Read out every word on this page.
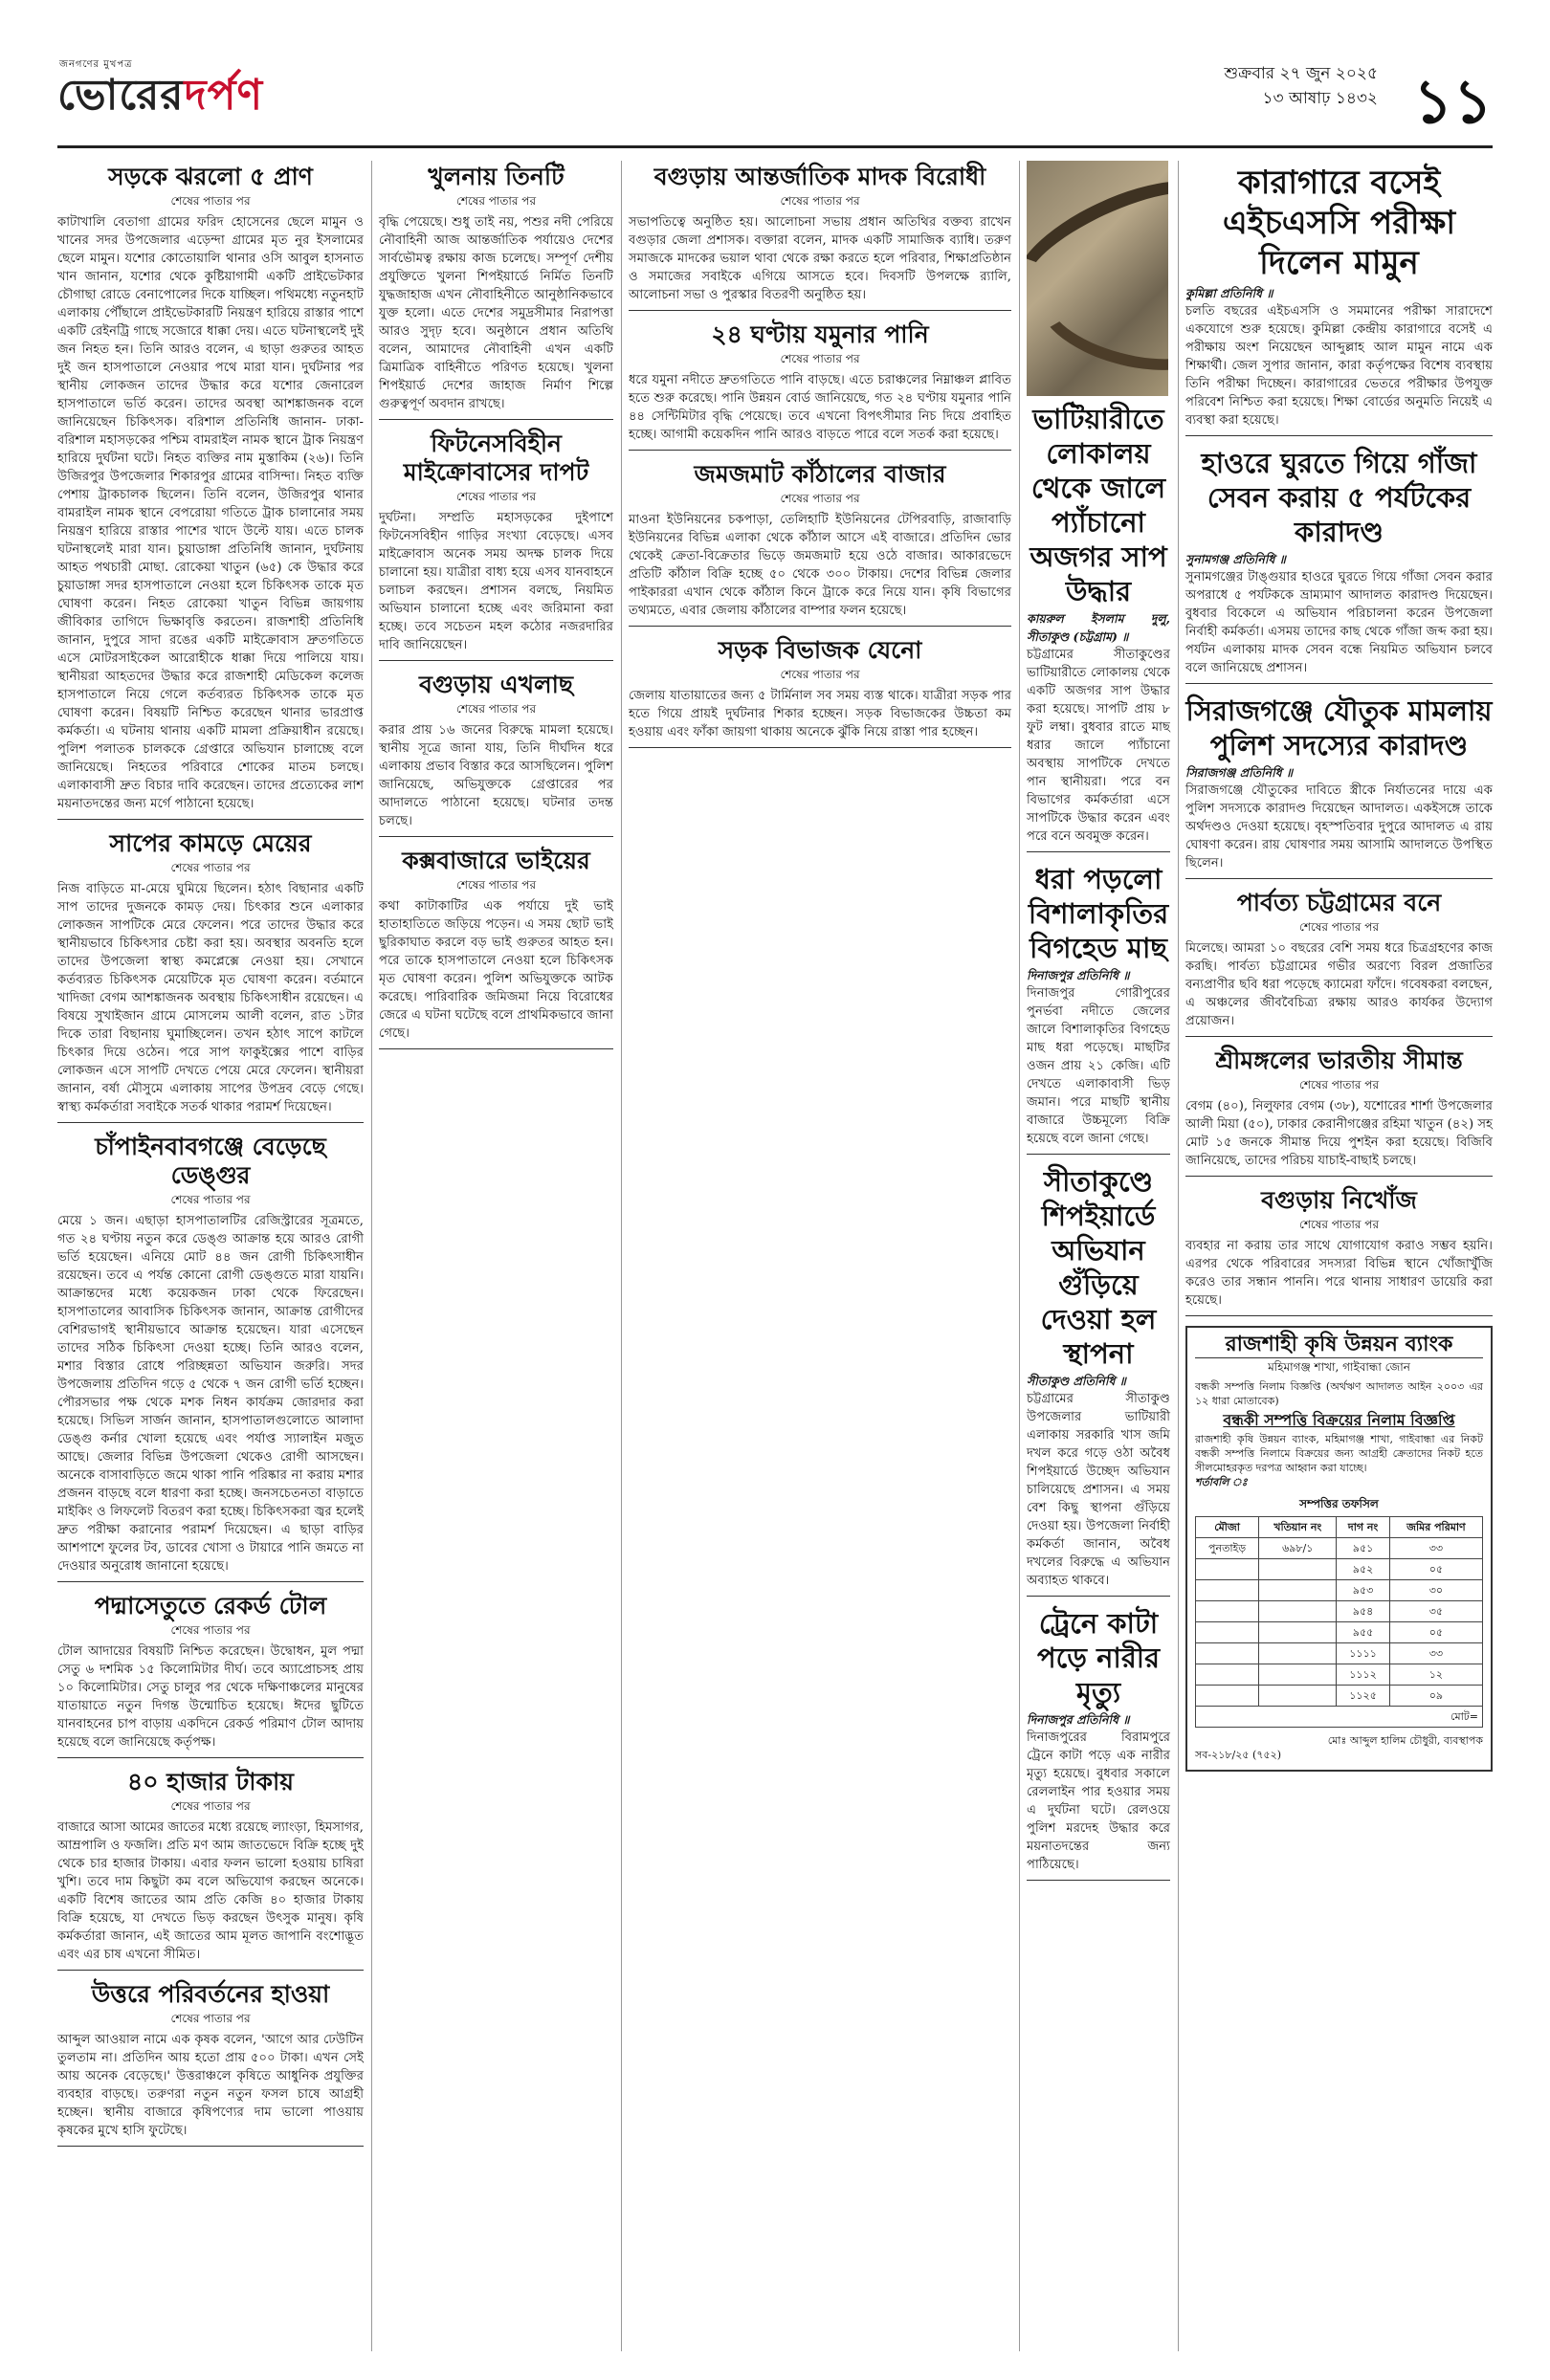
জনগণের মুখপত্র
ভোরেরদর্পণ	শুক্রবার ২৭ জুন ২০২৫
১৩ আষাঢ় ১৪৩২ ১১
সড়কে ঝরলো ৫ প্রাণ
শেষের পাতার পর
কাটাখালি বেতাগা গ্রামের ফরিদ হোসেনের ছেলে মামুন ও খানের সদর উপজেলার এড়েন্দা গ্রামের মৃত নুর ইসলামের ছেলে মামুন। যশোর কোতোয়ালি থানার ওসি আবুল হাসনাত খান জানান, যশোর থেকে কুষ্টিয়াগামী একটি প্রাইভেটকার চৌগাছা রোডে বেনাপোলের দিকে যাচ্ছিল। পথিমধ্যে নতুনহাট এলাকায় পৌঁছালে প্রাইভেটকারটি নিয়ন্ত্রণ হারিয়ে রাস্তার পাশে একটি রেইনট্রি গাছে সজোরে ধাক্কা দেয়। এতে ঘটনাস্থলেই দুই জন নিহত হন। তিনি আরও বলেন, এ ছাড়া গুরুতর আহত দুই জন হাসপাতালে নেওয়ার পথে মারা যান। দুর্ঘটনার পর স্থানীয় লোকজন তাদের উদ্ধার করে যশোর জেনারেল হাসপাতালে ভর্তি করেন। তাদের অবস্থা আশঙ্কাজনক বলে জানিয়েছেন চিকিৎসক। বরিশাল প্রতিনিধি জানান- ঢাকা-বরিশাল মহাসড়কের পশ্চিম বামরাইল নামক স্থানে ট্রাক নিয়ন্ত্রণ হারিয়ে দুর্ঘটনা ঘটে। নিহত ব্যক্তির নাম মুস্তাকিম (২৬)। তিনি উজিরপুর উপজেলার শিকারপুর গ্রামের বাসিন্দা। নিহত ব্যক্তি পেশায় ট্রাকচালক ছিলেন। তিনি বলেন, উজিরপুর থানার বামরাইল নামক স্থানে বেপরোয়া গতিতে ট্রাক চালানোর সময় নিয়ন্ত্রণ হারিয়ে রাস্তার পাশের খাদে উল্টে যায়। এতে চালক ঘটনাস্থলেই মারা যান। চুয়াডাঙ্গা প্রতিনিধি জানান, দুর্ঘটনায় আহত পথচারী মোছা. রোকেয়া খাতুন (৬৫) কে উদ্ধার করে চুয়াডাঙ্গা সদর হাসপাতালে নেওয়া হলে চিকিৎসক তাকে মৃত ঘোষণা করেন। নিহত রোকেয়া খাতুন বিভিন্ন জায়গায় জীবিকার তাগিদে ভিক্ষাবৃত্তি করতেন। রাজশাহী প্রতিনিধি জানান, দুপুরে সাদা রঙের একটি মাইক্রোবাস দ্রুতগতিতে এসে মোটরসাইকেল আরোহীকে ধাক্কা দিয়ে পালিয়ে যায়। স্থানীয়রা আহতদের উদ্ধার করে রাজশাহী মেডিকেল কলেজ হাসপাতালে নিয়ে গেলে কর্তব্যরত চিকিৎসক তাকে মৃত ঘোষণা করেন। বিষয়টি নিশ্চিত করেছেন থানার ভারপ্রাপ্ত কর্মকর্তা। এ ঘটনায় থানায় একটি মামলা প্রক্রিয়াধীন রয়েছে। পুলিশ পলাতক চালককে গ্রেপ্তারে অভিযান চালাচ্ছে বলে জানিয়েছে। নিহতের পরিবারে শোকের মাতম চলছে। এলাকাবাসী দ্রুত বিচার দাবি করেছেন। তাদের প্রত্যেকের লাশ ময়নাতদন্তের জন্য মর্গে পাঠানো হয়েছে।
সাপের কামড়ে মেয়ের
শেষের পাতার পর
নিজ বাড়িতে মা-মেয়ে ঘুমিয়ে ছিলেন। হঠাৎ বিছানার একটি সাপ তাদের দুজনকে কামড় দেয়। চিৎকার শুনে এলাকার লোকজন সাপটিকে মেরে ফেলেন। পরে তাদের উদ্ধার করে স্থানীয়ভাবে চিকিৎসার চেষ্টা করা হয়। অবস্থার অবনতি হলে তাদের উপজেলা স্বাস্থ্য কমপ্লেক্সে নেওয়া হয়। সেখানে কর্তব্যরত চিকিৎসক মেয়েটিকে মৃত ঘোষণা করেন। বর্তমানে খাদিজা বেগম আশঙ্কাজনক অবস্থায় চিকিৎসাধীন রয়েছেন। এ বিষয়ে সুখাইজান গ্রামে মোসলেম আলী বলেন, রাত ১টার দিকে তারা বিছানায় ঘুমাচ্ছিলেন। তখন হঠাৎ সাপে কাটলে চিৎকার দিয়ে ওঠেন। পরে সাপ ফাকুইক্সের পাশে বাড়ির লোকজন এসে সাপটি দেখতে পেয়ে মেরে ফেলেন। স্থানীয়রা জানান, বর্ষা মৌসুমে এলাকায় সাপের উপদ্রব বেড়ে গেছে। স্বাস্থ্য কর্মকর্তারা সবাইকে সতর্ক থাকার পরামর্শ দিয়েছেন।
চাঁপাইনবাবগঞ্জে বেড়েছে ডেঙ্গুর
শেষের পাতার পর
মেয়ে ১ জন। এছাড়া হাসপাতালটির রেজিস্ট্রারের সূত্রমতে, গত ২৪ ঘণ্টায় নতুন করে ডেঙ্গু আক্রান্ত হয়ে আরও রোগী ভর্তি হয়েছেন। এনিয়ে মোট ৪৪ জন রোগী চিকিৎসাধীন রয়েছেন। তবে এ পর্যন্ত কোনো রোগী ডেঙ্গুতে মারা যায়নি। আক্রান্তদের মধ্যে কয়েকজন ঢাকা থেকে ফিরেছেন। হাসপাতালের আবাসিক চিকিৎসক জানান, আক্রান্ত রোগীদের বেশিরভাগই স্থানীয়ভাবে আক্রান্ত হয়েছেন। যারা এসেছেন তাদের সঠিক চিকিৎসা দেওয়া হচ্ছে। তিনি আরও বলেন, মশার বিস্তার রোধে পরিচ্ছন্নতা অভিযান জরুরি। সদর উপজেলায় প্রতিদিন গড়ে ৫ থেকে ৭ জন রোগী ভর্তি হচ্ছেন। পৌরসভার পক্ষ থেকে মশক নিধন কার্যক্রম জোরদার করা হয়েছে। সিভিল সার্জন জানান, হাসপাতালগুলোতে আলাদা ডেঙ্গু কর্নার খোলা হয়েছে এবং পর্যাপ্ত স্যালাইন মজুত আছে। জেলার বিভিন্ন উপজেলা থেকেও রোগী আসছেন। অনেকে বাসাবাড়িতে জমে থাকা পানি পরিষ্কার না করায় মশার প্রজনন বাড়ছে বলে ধারণা করা হচ্ছে। জনসচেতনতা বাড়াতে মাইকিং ও লিফলেট বিতরণ করা হচ্ছে। চিকিৎসকরা জ্বর হলেই দ্রুত পরীক্ষা করানোর পরামর্শ দিয়েছেন। এ ছাড়া বাড়ির আশপাশে ফুলের টব, ডাবের খোসা ও টায়ারে পানি জমতে না দেওয়ার অনুরোধ জানানো হয়েছে।
পদ্মাসেতুতে রেকর্ড টোল
শেষের পাতার পর
টোল আদায়ের বিষয়টি নিশ্চিত করেছেন। উদ্বোধন, মুল পদ্মা সেতু ৬ দশমিক ১৫ কিলোমিটার দীর্ঘ। তবে অ্যাপ্রোচসহ প্রায় ১০ কিলোমিটার। সেতু চালুর পর থেকে দক্ষিণাঞ্চলের মানুষের যাতায়াতে নতুন দিগন্ত উন্মোচিত হয়েছে। ঈদের ছুটিতে যানবাহনের চাপ বাড়ায় একদিনে রেকর্ড পরিমাণ টোল আদায় হয়েছে বলে জানিয়েছে কর্তৃপক্ষ।
৪০ হাজার টাকায়
শেষের পাতার পর
বাজারে আসা আমের জাতের মধ্যে রয়েছে ল্যাংড়া, হিমসাগর, আম্রপালি ও ফজলি। প্রতি মণ আম জাতভেদে বিক্রি হচ্ছে দুই থেকে চার হাজার টাকায়। এবার ফলন ভালো হওয়ায় চাষিরা খুশি। তবে দাম কিছুটা কম বলে অভিযোগ করছেন অনেকে। একটি বিশেষ জাতের আম প্রতি কেজি ৪০ হাজার টাকায় বিক্রি হয়েছে, যা দেখতে ভিড় করছেন উৎসুক মানুষ। কৃষি কর্মকর্তারা জানান, এই জাতের আম মূলত জাপানি বংশোদ্ভূত এবং এর চাষ এখনো সীমিত।
উত্তরে পরিবর্তনের হাওয়া
শেষের পাতার পর
আব্দুল আওয়াল নামে এক কৃষক বলেন, 'আগে আর ঢেউটিন তুলতাম না। প্রতিদিন আয় হতো প্রায় ৫০০ টাকা। এখন সেই আয় অনেক বেড়েছে।' উত্তরাঞ্চলে কৃষিতে আধুনিক প্রযুক্তির ব্যবহার বাড়ছে। তরুণরা নতুন নতুন ফসল চাষে আগ্রহী হচ্ছেন। স্থানীয় বাজারে কৃষিপণ্যের দাম ভালো পাওয়ায় কৃষকের মুখে হাসি ফুটেছে।
খুলনায় তিনটি
শেষের পাতার পর
বৃদ্ধি পেয়েছে। শুধু তাই নয়, পশুর নদী পেরিয়ে নৌবাহিনী আজ আন্তর্জাতিক পর্যায়েও দেশের সার্বভৌমত্ব রক্ষায় কাজ চলেছে। সম্পূর্ণ দেশীয় প্রযুক্তিতে খুলনা শিপইয়ার্ডে নির্মিত তিনটি যুদ্ধজাহাজ এখন নৌবাহিনীতে আনুষ্ঠানিকভাবে যুক্ত হলো। এতে দেশের সমুদ্রসীমার নিরাপত্তা আরও সুদৃঢ় হবে। অনুষ্ঠানে প্রধান অতিথি বলেন, আমাদের নৌবাহিনী এখন একটি ত্রিমাত্রিক বাহিনীতে পরিণত হয়েছে। খুলনা শিপইয়ার্ড দেশের জাহাজ নির্মাণ শিল্পে গুরুত্বপূর্ণ অবদান রাখছে।
ফিটনেসবিহীন মাইক্রোবাসের দাপট
শেষের পাতার পর
দুর্ঘটনা। সম্প্রতি মহাসড়কের দুইপাশে ফিটনেসবিহীন গাড়ির সংখ্যা বেড়েছে। এসব মাইক্রোবাস অনেক সময় অদক্ষ চালক দিয়ে চালানো হয়। যাত্রীরা বাধ্য হয়ে এসব যানবাহনে চলাচল করছেন। প্রশাসন বলছে, নিয়মিত অভিযান চালানো হচ্ছে এবং জরিমানা করা হচ্ছে। তবে সচেতন মহল কঠোর নজরদারির দাবি জানিয়েছেন।
বগুড়ায় এখলাছ
শেষের পাতার পর
করার প্রায় ১৬ জনের বিরুদ্ধে মামলা হয়েছে। স্থানীয় সূত্রে জানা যায়, তিনি দীর্ঘদিন ধরে এলাকায় প্রভাব বিস্তার করে আসছিলেন। পুলিশ জানিয়েছে, অভিযুক্তকে গ্রেপ্তারের পর আদালতে পাঠানো হয়েছে। ঘটনার তদন্ত চলছে।
কক্সবাজারে ভাইয়ের
শেষের পাতার পর
কথা কাটাকাটির এক পর্যায়ে দুই ভাই হাতাহাতিতে জড়িয়ে পড়েন। এ সময় ছোট ভাই ছুরিকাঘাত করলে বড় ভাই গুরুতর আহত হন। পরে তাকে হাসপাতালে নেওয়া হলে চিকিৎসক মৃত ঘোষণা করেন। পুলিশ অভিযুক্তকে আটক করেছে। পারিবারিক জমিজমা নিয়ে বিরোধের জেরে এ ঘটনা ঘটেছে বলে প্রাথমিকভাবে জানা গেছে।
বগুড়ায় আন্তর্জাতিক মাদক বিরোধী
শেষের পাতার পর
সভাপতিত্বে অনুষ্ঠিত হয়। আলোচনা সভায় প্রধান অতিথির বক্তব্য রাখেন বগুড়ার জেলা প্রশাসক। বক্তারা বলেন, মাদক একটি সামাজিক ব্যাধি। তরুণ সমাজকে মাদকের ভয়াল থাবা থেকে রক্ষা করতে হলে পরিবার, শিক্ষাপ্রতিষ্ঠান ও সমাজের সবাইকে এগিয়ে আসতে হবে। দিবসটি উপলক্ষে র‍্যালি, আলোচনা সভা ও পুরস্কার বিতরণী অনুষ্ঠিত হয়।
২৪ ঘণ্টায় যমুনার পানি
শেষের পাতার পর
ধরে যমুনা নদীতে দ্রুতগতিতে পানি বাড়ছে। এতে চরাঞ্চলের নিম্নাঞ্চল প্লাবিত হতে শুরু করেছে। পানি উন্নয়ন বোর্ড জানিয়েছে, গত ২৪ ঘণ্টায় যমুনার পানি ৪৪ সেন্টিমিটার বৃদ্ধি পেয়েছে। তবে এখনো বিপৎসীমার নিচ দিয়ে প্রবাহিত হচ্ছে। আগামী কয়েকদিন পানি আরও বাড়তে পারে বলে সতর্ক করা হয়েছে।
জমজমাট কাঁঠালের বাজার
শেষের পাতার পর
মাওনা ইউনিয়নের চকপাড়া, তেলিহাটি ইউনিয়নের টেপিরবাড়ি, রাজাবাড়ি ইউনিয়নের বিভিন্ন এলাকা থেকে কাঁঠাল আসে এই বাজারে। প্রতিদিন ভোর থেকেই ক্রেতা-বিক্রেতার ভিড়ে জমজমাট হয়ে ওঠে বাজার। আকারভেদে প্রতিটি কাঁঠাল বিক্রি হচ্ছে ৫০ থেকে ৩০০ টাকায়। দেশের বিভিন্ন জেলার পাইকাররা এখান থেকে কাঁঠাল কিনে ট্রাকে করে নিয়ে যান। কৃষি বিভাগের তথ্যমতে, এবার জেলায় কাঁঠালের বাম্পার ফলন হয়েছে।
সড়ক বিভাজক যেনো
শেষের পাতার পর
জেলায় যাতায়াতের জন্য ৫ টার্মিনাল সব সময় ব্যস্ত থাকে। যাত্রীরা সড়ক পার হতে গিয়ে প্রায়ই দুর্ঘটনার শিকার হচ্ছেন। সড়ক বিভাজকের উচ্চতা কম হওয়ায় এবং ফাঁকা জায়গা থাকায় অনেকে ঝুঁকি নিয়ে রাস্তা পার হচ্ছেন।
ভাটিয়ারীতে লোকালয় থেকে জালে প্যাঁচানো অজগর সাপ উদ্ধার
কায়রুল ইসলাম দুলু, সীতাকুণ্ড (চট্টগ্রাম) ॥
চট্টগ্রামের সীতাকুণ্ডের ভাটিয়ারীতে লোকালয় থেকে একটি অজগর সাপ উদ্ধার করা হয়েছে। সাপটি প্রায় ৮ ফুট লম্বা। বুধবার রাতে মাছ ধরার জালে প্যাঁচানো অবস্থায় সাপটিকে দেখতে পান স্থানীয়রা। পরে বন বিভাগের কর্মকর্তারা এসে সাপটিকে উদ্ধার করেন এবং পরে বনে অবমুক্ত করেন।
ধরা পড়লো বিশালাকৃতির বিগহেড মাছ
দিনাজপুর প্রতিনিধি ॥
দিনাজপুর গোরীপুরের পুনর্ভবা নদীতে জেলের জালে বিশালাকৃতির বিগহেড মাছ ধরা পড়েছে। মাছটির ওজন প্রায় ২১ কেজি। এটি দেখতে এলাকাবাসী ভিড় জমান। পরে মাছটি স্থানীয় বাজারে উচ্চমূল্যে বিক্রি হয়েছে বলে জানা গেছে।
সীতাকুণ্ডে শিপইয়ার্ডে অভিযান গুঁড়িয়ে দেওয়া হল স্থাপনা
সীতাকুণ্ড প্রতিনিধি ॥
চট্টগ্রামের সীতাকুণ্ড উপজেলার ভাটিয়ারী এলাকায় সরকারি খাস জমি দখল করে গড়ে ওঠা অবৈধ শিপইয়ার্ডে উচ্ছেদ অভিযান চালিয়েছে প্রশাসন। এ সময় বেশ কিছু স্থাপনা গুঁড়িয়ে দেওয়া হয়। উপজেলা নির্বাহী কর্মকর্তা জানান, অবৈধ দখলের বিরুদ্ধে এ অভিযান অব্যাহত থাকবে।
ট্রেনে কাটা পড়ে নারীর মৃত্যু
দিনাজপুর প্রতিনিধি ॥
দিনাজপুরের বিরামপুরে ট্রেনে কাটা পড়ে এক নারীর মৃত্যু হয়েছে। বুধবার সকালে রেললাইন পার হওয়ার সময় এ দুর্ঘটনা ঘটে। রেলওয়ে পুলিশ মরদেহ উদ্ধার করে ময়নাতদন্তের জন্য পাঠিয়েছে।
কারাগারে বসেই এইচএসসি পরীক্ষা দিলেন মামুন
কুমিল্লা প্রতিনিধি ॥
চলতি বছরের এইচএসসি ও সমমানের পরীক্ষা সারাদেশে একযোগে শুরু হয়েছে। কুমিল্লা কেন্দ্রীয় কারাগারে বসেই এ পরীক্ষায় অংশ নিয়েছেন আব্দুল্লাহ আল মামুন নামে এক শিক্ষার্থী। জেল সুপার জানান, কারা কর্তৃপক্ষের বিশেষ ব্যবস্থায় তিনি পরীক্ষা দিচ্ছেন। কারাগারের ভেতরে পরীক্ষার উপযুক্ত পরিবেশ নিশ্চিত করা হয়েছে। শিক্ষা বোর্ডের অনুমতি নিয়েই এ ব্যবস্থা করা হয়েছে।
হাওরে ঘুরতে গিয়ে গাঁজা সেবন করায় ৫ পর্যটকের কারাদণ্ড
সুনামগঞ্জ প্রতিনিধি ॥
সুনামগঞ্জের টাঙ্গুয়ার হাওরে ঘুরতে গিয়ে গাঁজা সেবন করার অপরাধে ৫ পর্যটককে ভ্রাম্যমাণ আদালত কারাদণ্ড দিয়েছেন। বুধবার বিকেলে এ অভিযান পরিচালনা করেন উপজেলা নির্বাহী কর্মকর্তা। এসময় তাদের কাছ থেকে গাঁজা জব্দ করা হয়। পর্যটন এলাকায় মাদক সেবন বন্ধে নিয়মিত অভিযান চলবে বলে জানিয়েছে প্রশাসন।
সিরাজগঞ্জে যৌতুক মামলায় পুলিশ সদস্যের কারাদণ্ড
সিরাজগঞ্জ প্রতিনিধি ॥
সিরাজগঞ্জে যৌতুকের দাবিতে স্ত্রীকে নির্যাতনের দায়ে এক পুলিশ সদস্যকে কারাদণ্ড দিয়েছেন আদালত। একইসঙ্গে তাকে অর্থদণ্ডও দেওয়া হয়েছে। বৃহস্পতিবার দুপুরে আদালত এ রায় ঘোষণা করেন। রায় ঘোষণার সময় আসামি আদালতে উপস্থিত ছিলেন।
পার্বত্য চট্টগ্রামের বনে
শেষের পাতার পর
মিলেছে। আমরা ১০ বছরের বেশি সময় ধরে চিত্রগ্রহণের কাজ করছি। পার্বত্য চট্টগ্রামের গভীর অরণ্যে বিরল প্রজাতির বন্যপ্রাণীর ছবি ধরা পড়েছে ক্যামেরা ফাঁদে। গবেষকরা বলছেন, এ অঞ্চলের জীববৈচিত্র্য রক্ষায় আরও কার্যকর উদ্যোগ প্রয়োজন।
শ্রীমঙ্গলের ভারতীয় সীমান্ত
শেষের পাতার পর
বেগম (৪০), নিলুফার বেগম (৩৮), যশোরের শার্শা উপজেলার আলী মিয়া (৫০), ঢাকার কেরানীগঞ্জের রহিমা খাতুন (৪২) সহ মোট ১৫ জনকে সীমান্ত দিয়ে পুশইন করা হয়েছে। বিজিবি জানিয়েছে, তাদের পরিচয় যাচাই-বাছাই চলছে।
বগুড়ায় নিখোঁজ
শেষের পাতার পর
ব্যবহার না করায় তার সাথে যোগাযোগ করাও সম্ভব হয়নি। এরপর থেকে পরিবারের সদস্যরা বিভিন্ন স্থানে খোঁজাখুঁজি করেও তার সন্ধান পাননি। পরে থানায় সাধারণ ডায়েরি করা হয়েছে।
রাজশাহী কৃষি উন্নয়ন ব্যাংক
মহিমাগঞ্জ শাখা, গাইবান্ধা জোন
বন্ধকী সম্পত্তি নিলাম বিজ্ঞপ্তি (অর্থঋণ আদালত আইন ২০০৩ এর ১২ ধারা মোতাবেক)
বন্ধকী সম্পত্তি বিক্রয়ের নিলাম বিজ্ঞপ্তি
রাজশাহী কৃষি উন্নয়ন ব্যাংক, মহিমাগঞ্জ শাখা, গাইবান্ধা এর নিকট বন্ধকী সম্পত্তি নিলামে বিক্রয়ের জন্য আগ্রহী ক্রেতাদের নিকট হতে সীলমোহরকৃত দরপত্র আহ্বান করা যাচ্ছে।
শর্তাবলি ঃ
সম্পত্তির তফসিল
মৌজা	খতিয়ান নং	দাগ নং	জমির পরিমাণ
পুনতাইড়	৬৯৮/১	৯৫১	৩৩
		৯৫২	০৫
		৯৫৩	৩০
		৯৫৪	৩৫
		৯৫৫	০৫
		১১১১	৩৩
		১১১২	১২
		১১২৫	০৯
মোট=			
মোঃ আব্দুল হালিম চৌধুরী, ব্যবস্থাপক
সব-২১৮/২৫ (৭৫২)
